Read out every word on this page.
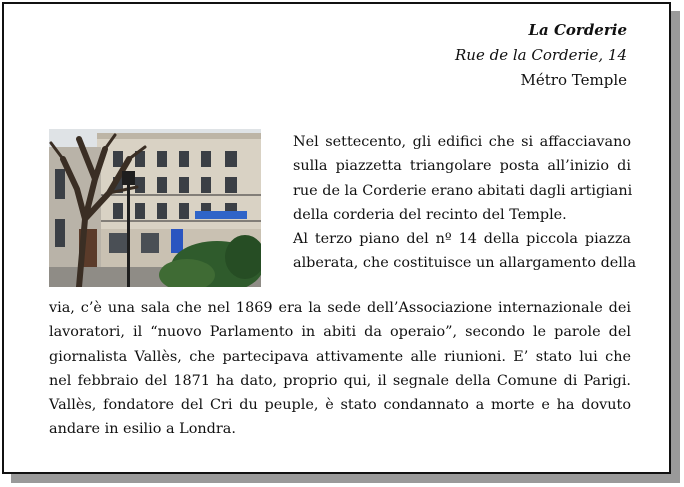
La Corderie
Rue de la Corderie, 14
Métro Temple

Nel settecento, gli edifici che si affacciavano
sulla piazzetta triangolare posta all’inizio di
rue de la Corderie erano abitati dagli artigiani
della corderia del recinto del Temple.

Al terzo piano del nº 14 della piccola piazza
alberata, che costituisce un allargamento della

via, c’è una sala che nel 1869 era la sede dell’Associazione internazionale dei
lavoratori, il “nuovo Parlamento in abiti da operaio”, secondo le parole del
giornalista Vallès, che partecipava attivamente alle riunioni. E’ stato lui che
nel febbraio del 1871 ha dato, proprio qui, il segnale della Comune di Parigi.
Vallès, fondatore del Cri du peuple, è stato condannato a morte e ha dovuto
andare in esilio a Londra.
